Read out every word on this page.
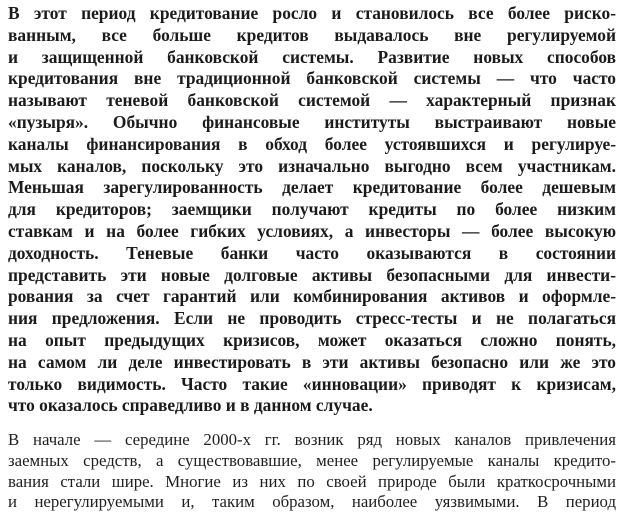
В этот период кредитование росло и становилось все более риско-
ванным, все больше кредитов выдавалось вне регулируемой
и защищенной банковской системы. Развитие новых способов
кредитования вне традиционной банковской системы — что часто
называют теневой банковской системой — характерный признак
«пузыря». Обычно финансовые институты выстраивают новые
каналы финансирования в обход более устоявшихся и регулируе-
мых каналов, поскольку это изначально выгодно всем участникам.
Меньшая зарегулированность делает кредитование более дешевым
для кредиторов; заемщики получают кредиты по более низким
ставкам и на более гибких условиях, а инвесторы — более высокую
доходность. Теневые банки часто оказываются в состоянии
представить эти новые долговые активы безопасными для инвести-
рования за счет гарантий или комбинирования активов и оформле-
ния предложения. Если не проводить стресс-тесты и не полагаться
на опыт предыдущих кризисов, может оказаться сложно понять,
на самом ли деле инвестировать в эти активы безопасно или же это
только видимость. Часто такие «инновации» приводят к кризисам,
что оказалось справедливо и в данном случае.
В начале — середине 2000-х гг. возник ряд новых каналов привлечения
заемных средств, а существовавшие, менее регулируемые каналы кредито-
вания стали шире. Многие из них по своей природе были краткосрочными
и нерегулируемыми и, таким образом, наиболее уязвимыми. В период
